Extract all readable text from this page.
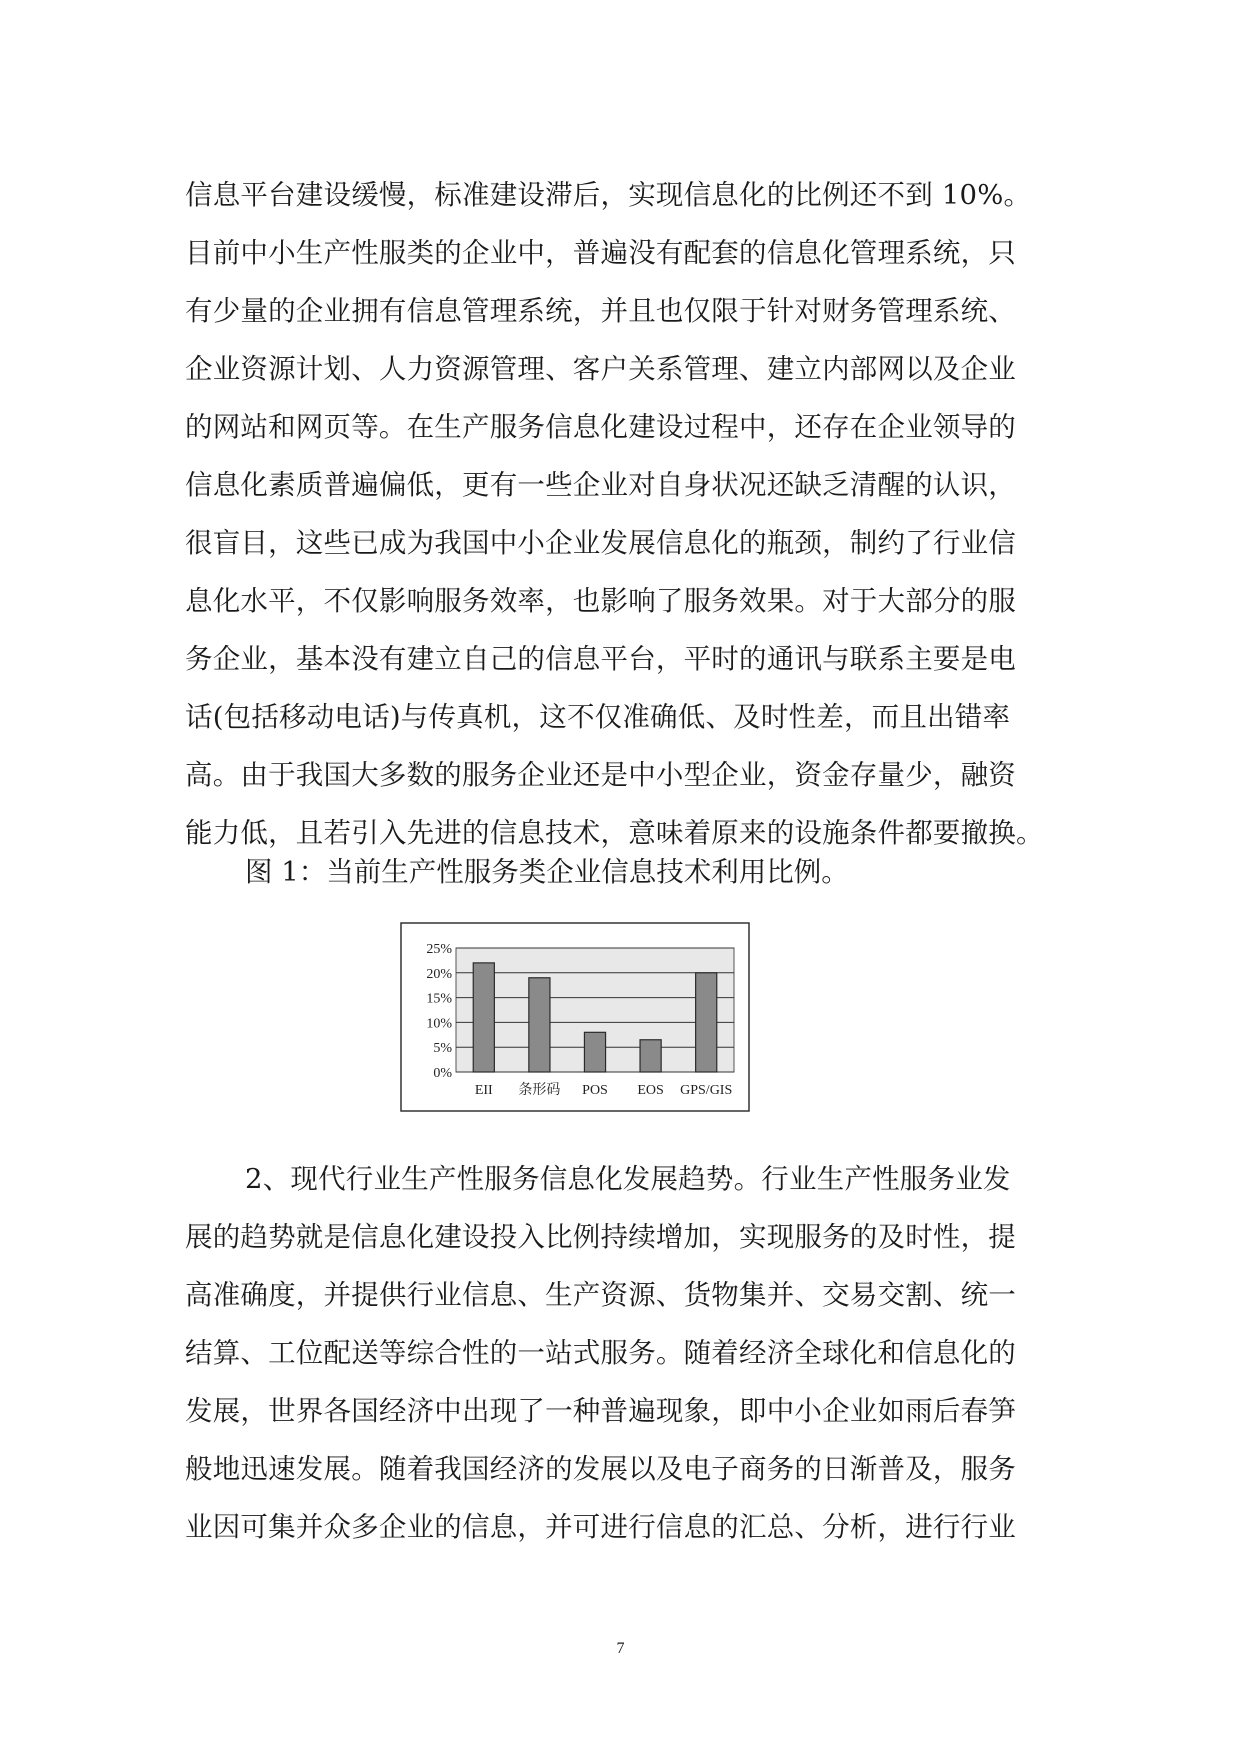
信息平台建设缓慢，标准建设滞后，实现信息化的比例还不到 10%。
目前中小生产性服类的企业中，普遍没有配套的信息化管理系统，只
有少量的企业拥有信息管理系统，并且也仅限于针对财务管理系统、
企业资源计划、人力资源管理、客户关系管理、建立内部网以及企业
的网站和网页等。在生产服务信息化建设过程中，还存在企业领导的
信息化素质普遍偏低，更有一些企业对自身状况还缺乏清醒的认识，
很盲目，这些已成为我国中小企业发展信息化的瓶颈，制约了行业信
息化水平，不仅影响服务效率，也影响了服务效果。对于大部分的服
务企业，基本没有建立自己的信息平台，平时的通讯与联系主要是电
话(包括移动电话)与传真机，这不仅准确低、及时性差，而且出错率
高。由于我国大多数的服务企业还是中小型企业，资金存量少，融资
能力低，且若引入先进的信息技术，意味着原来的设施条件都要撤换。
图 1：当前生产性服务类企业信息技术利用比例。
0%
5%
10%
15%
20%
25%
EII 条形码 POS EOS GPS/GIS
2、现代行业生产性服务信息化发展趋势。行业生产性服务业发
展的趋势就是信息化建设投入比例持续增加，实现服务的及时性，提
高准确度，并提供行业信息、生产资源、货物集并、交易交割、统一
结算、工位配送等综合性的一站式服务。随着经济全球化和信息化的
发展，世界各国经济中出现了一种普遍现象，即中小企业如雨后春笋
般地迅速发展。随着我国经济的发展以及电子商务的日渐普及，服务
业因可集并众多企业的信息，并可进行信息的汇总、分析，进行行业
7
